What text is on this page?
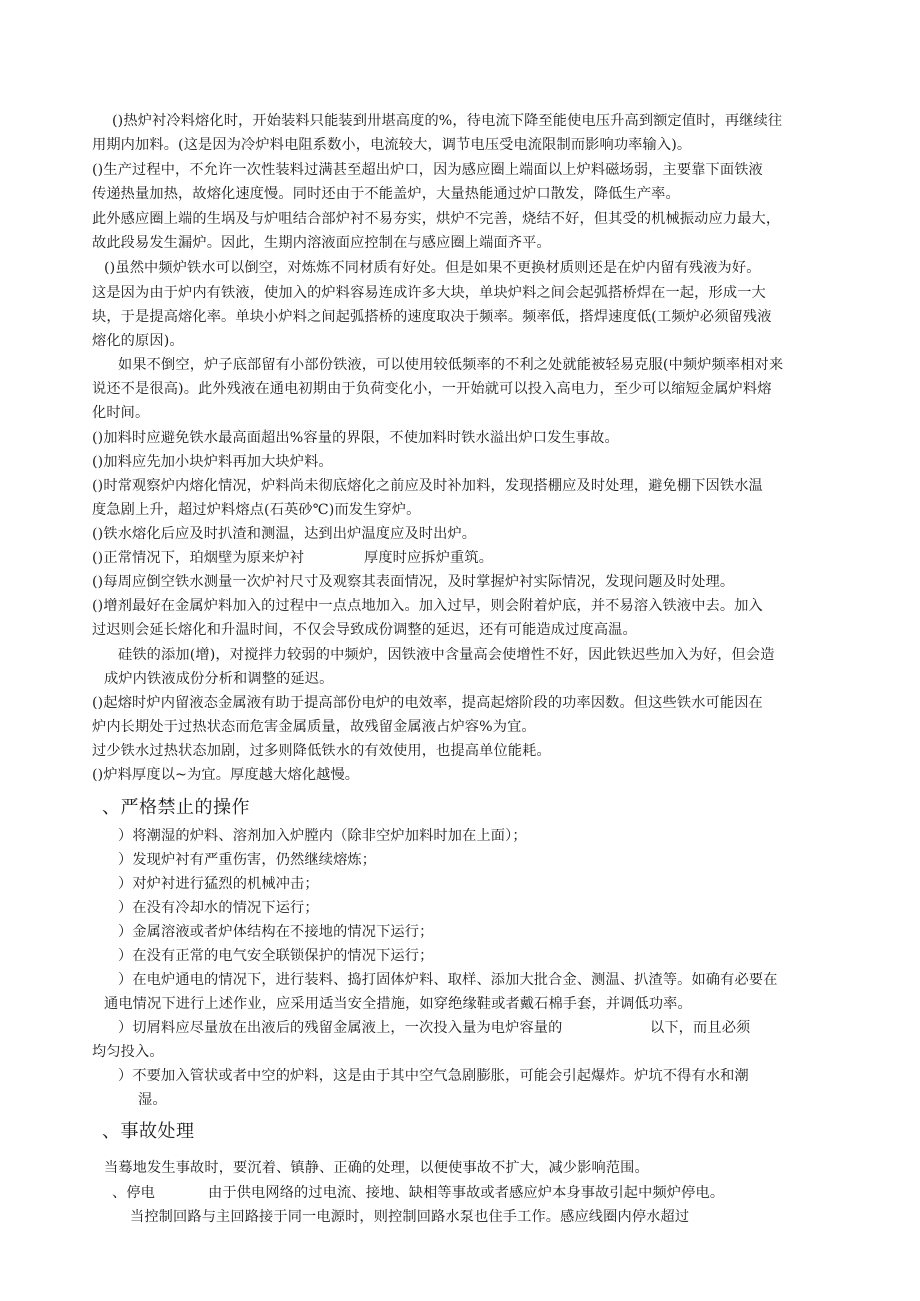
()热炉衬冷料熔化时，开始装料只能装到卅堪高度的%，待电流下降至能使电压升高到额定值时，再继续往
用期内加料。(这是因为冷炉料电阻系数小，电流较大，调节电压受电流限制而影响功率输入)。
()生产过程中，不允许一次性装料过满甚至超出炉口，因为感应圈上端面以上炉料磁场弱，主要靠下面铁液
传递热量加热，故熔化速度慢。同时还由于不能盖炉，大量热能通过炉口散发，降低生产率。
此外感应圈上端的生埚及与炉咀结合部炉衬不易夯实，烘炉不完善，烧结不好，但其受的机械振动应力最大，
故此段易发生漏炉。因此，生期内溶液面应控制在与感应圈上端面齐平。
()虽然中频炉铁水可以倒空，对炼炼不同材质有好处。但是如果不更换材质则还是在炉内留有残液为好。
这是因为由于炉内有铁液，使加入的炉料容易连成许多大块，单块炉料之间会起弧搭桥焊在一起，形成一大
块，于是提高熔化率。单块小炉料之间起弧搭桥的速度取决于频率。频率低，搭焊速度低(工频炉必须留残液
熔化的原因)。
如果不倒空，炉子底部留有小部份铁液，可以使用较低频率的不利之处就能被轻易克服(中频炉频率相对来
说还不是很高)。此外残液在通电初期由于负荷变化小，一开始就可以投入高电力，至少可以缩短金属炉料熔
化时间。
()加料时应避免铁水最高面超出%容量的界限，不使加料时铁水溢出炉口发生事故。
()加料应先加小块炉料再加大块炉料。
()时常观察炉内熔化情况，炉料尚未彻底熔化之前应及时补加料，发现搭棚应及时处理，避免棚下因铁水温
度急剧上升，超过炉料熔点(石英砂℃)而发生穿炉。
()铁水熔化后应及时扒渣和测温，达到出炉温度应及时出炉。
()正常情况下，珀烟壁为原来炉衬	厚度时应拆炉重筑。
()每周应倒空铁水测量一次炉衬尺寸及观察其表面情况，及时掌握炉衬实际情况，发现问题及时处理。
()增剂最好在金属炉料加入的过程中一点点地加入。加入过早，则会附着炉底，并不易溶入铁液中去。加入
过迟则会延长熔化和升温时间，不仅会导致成份调整的延迟，还有可能造成过度高温。
硅铁的添加(增)，对搅拌力较弱的中频炉，因铁液中含量高会使增性不好，因此铁迟些加入为好，但会造
成炉内铁液成份分析和调整的延迟。
()起熔时炉内留液态金属液有助于提高部份电炉的电效率，提高起熔阶段的功率因数。但这些铁水可能因在
炉内长期处于过热状态而危害金属质量，故残留金属液占炉容%为宜。
过少铁水过热状态加剧，过多则降低铁水的有效使用，也提高单位能耗。
()炉料厚度以~为宜。厚度越大熔化越慢。
、严格禁止的操作
）将潮湿的炉料、溶剂加入炉膛内（除非空炉加料时加在上面）；
）发现炉衬有严重伤害，仍然继续熔炼；
）对炉衬进行猛烈的机械冲击；
）在没有冷却水的情况下运行；
）金属溶液或者炉体结构在不接地的情况下运行；
）在没有正常的电气安全联锁保护的情况下运行；
）在电炉通电的情况下，进行装料、捣打固体炉料、取样、添加大批合金、测温、扒渣等。如确有必要在
通电情况下进行上述作业，应采用适当安全措施，如穿绝缘鞋或者戴石棉手套，并调低功率。
）切屑料应尽量放在出液后的残留金属液上，一次投入量为电炉容量的	以下，而且必须
均匀投入。
）不要加入管状或者中空的炉料，这是由于其中空气急剧膨胀，可能会引起爆炸。炉坑不得有水和潮
湿。
、事故处理
当蓦地发生事故时，要沉着、镇静、正确的处理，以便使事故不扩大，减少影响范围。
、停电	由于供电网络的过电流、接地、缺相等事故或者感应炉本身事故引起中频炉停电。
当控制回路与主回路接于同一电源时，则控制回路水泵也住手工作。感应线圈内停水超过
